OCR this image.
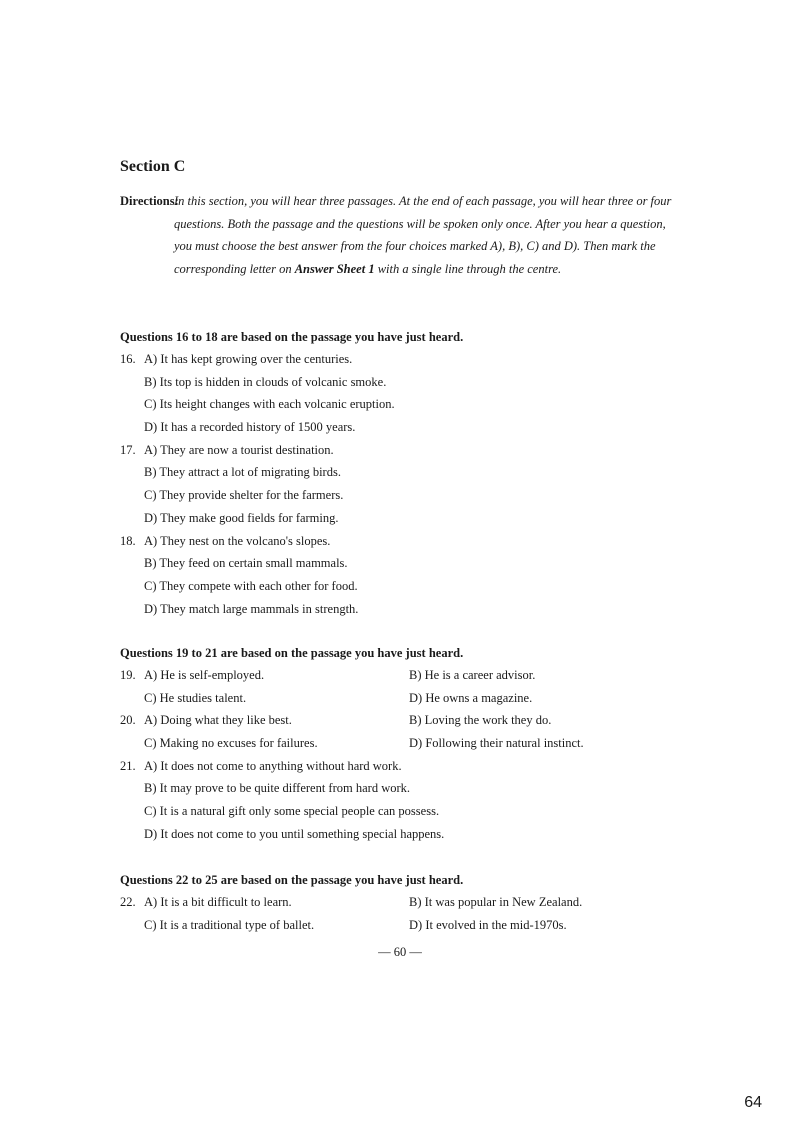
Section C
Directions:
In this section, you will hear three passages. At the end of each passage, you will hear three or four questions. Both the passage and the questions will be spoken only once. After you hear a question, you must choose the best answer from the four choices marked A), B), C) and D). Then mark the corresponding letter on Answer Sheet 1 with a single line through the centre.
Questions 16 to 18 are based on the passage you have just heard.
16. A) It has kept growing over the centuries.
B) Its top is hidden in clouds of volcanic smoke.
C) Its height changes with each volcanic eruption.
D) It has a recorded history of 1500 years.
17. A) They are now a tourist destination.
B) They attract a lot of migrating birds.
C) They provide shelter for the farmers.
D) They make good fields for farming.
18. A) They nest on the volcano's slopes.
B) They feed on certain small mammals.
C) They compete with each other for food.
D) They match large mammals in strength.
Questions 19 to 21 are based on the passage you have just heard.
19. A) He is self-employed.	B) He is a career advisor.
C) He studies talent.	D) He owns a magazine.
20. A) Doing what they like best.	B) Loving the work they do.
C) Making no excuses for failures.	D) Following their natural instinct.
21. A) It does not come to anything without hard work.
B) It may prove to be quite different from hard work.
C) It is a natural gift only some special people can possess.
D) It does not come to you until something special happens.
Questions 22 to 25 are based on the passage you have just heard.
22. A) It is a bit difficult to learn.	B) It was popular in New Zealand.
C) It is a traditional type of ballet.	D) It evolved in the mid-1970s.
— 60 —
64
